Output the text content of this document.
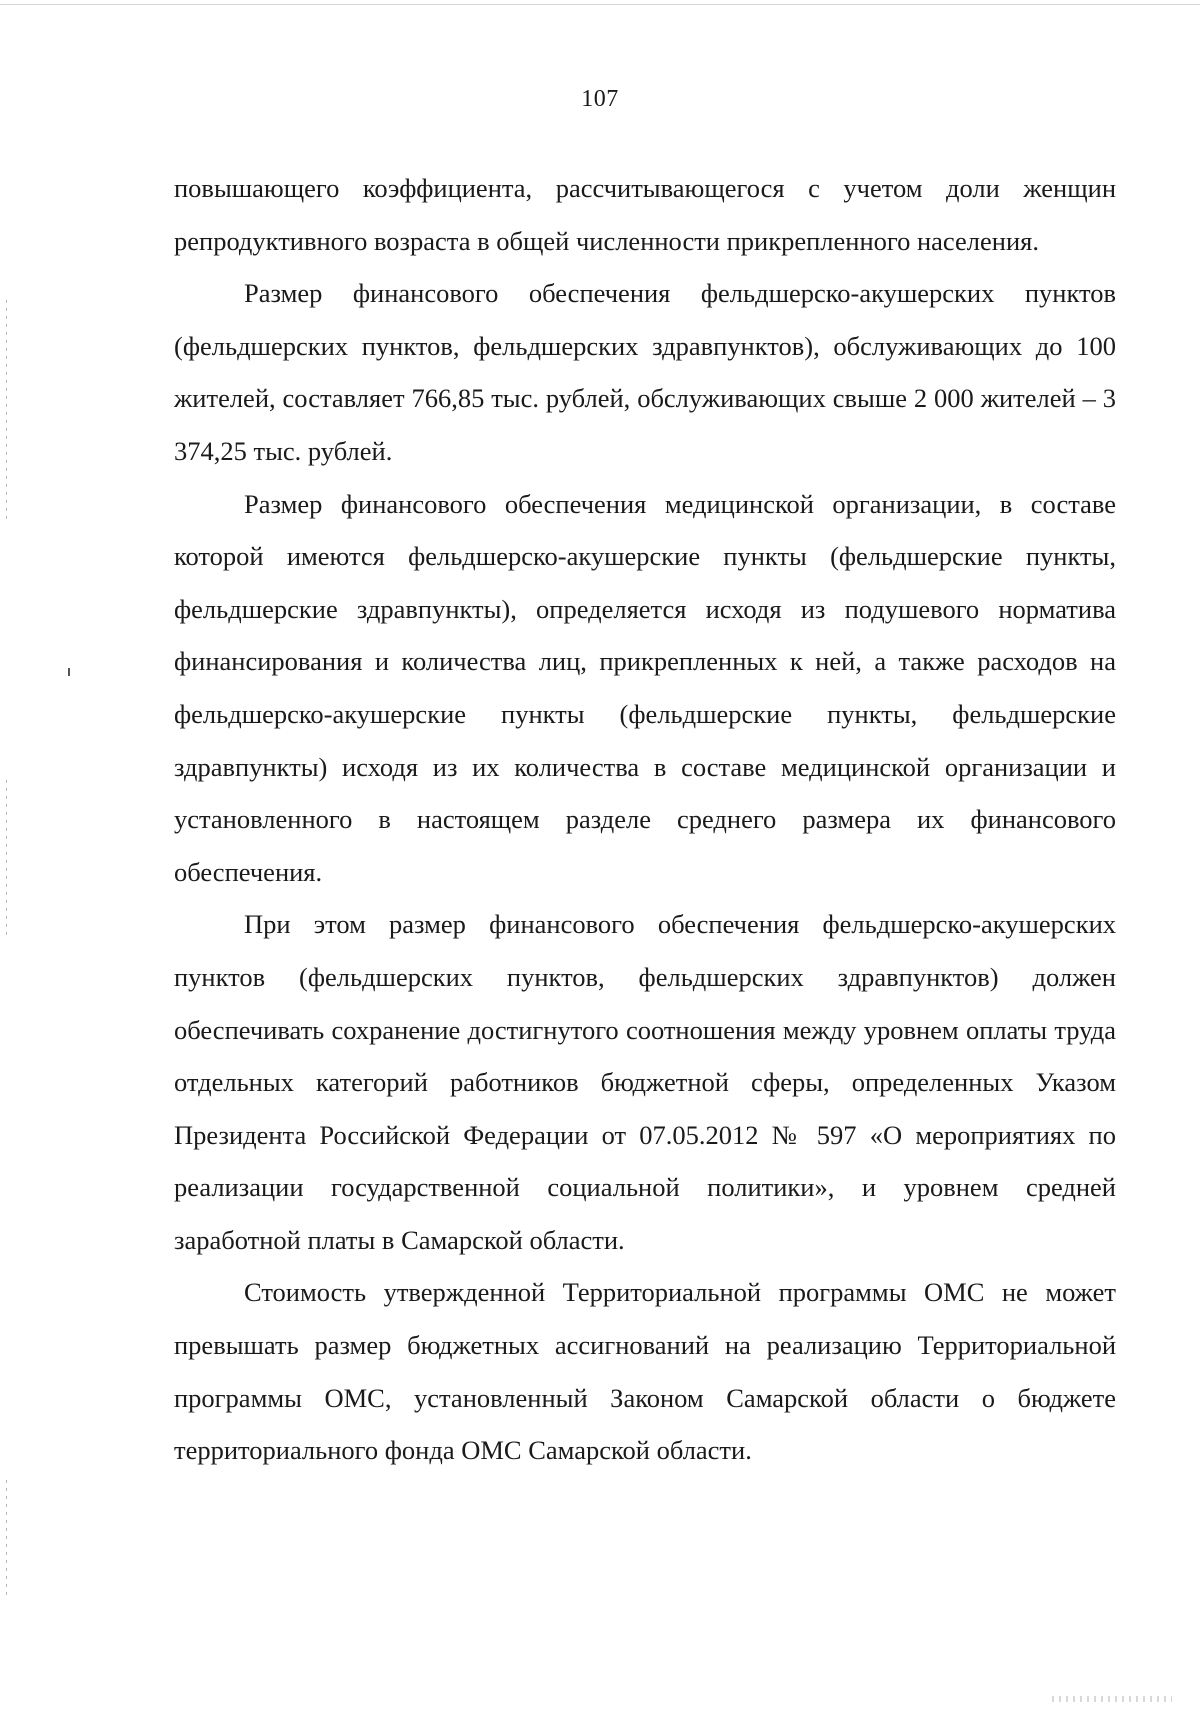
107

повышающего коэффициента, рассчитывающегося с учетом доли женщин репродуктивного возраста в общей численности прикрепленного населения.

Размер финансового обеспечения фельдшерско-акушерских пунктов (фельдшерских пунктов, фельдшерских здравпунктов), обслуживающих до 100 жителей, составляет 766,85 тыс. рублей, обслуживающих свыше 2 000 жителей – 3 374,25 тыс. рублей.

Размер финансового обеспечения медицинской организации, в составе которой имеются фельдшерско-акушерские пункты (фельдшерские пункты, фельдшерские здравпункты), определяется исходя из подушевого норматива финансирования и количества лиц, прикрепленных к ней, а также расходов на фельдшерско-акушерские пункты (фельдшерские пункты, фельдшерские здравпункты) исходя из их количества в составе медицинской организации и установленного в настоящем разделе среднего размера их финансового обеспечения.

При этом размер финансового обеспечения фельдшерско-акушерских пунктов (фельдшерских пунктов, фельдшерских здравпунктов) должен обеспечивать сохранение достигнутого соотношения между уровнем оплаты труда отдельных категорий работников бюджетной сферы, определенных Указом Президента Российской Федерации от 07.05.2012 № 597 «О мероприятиях по реализации государственной социальной политики», и уровнем средней заработной платы в Самарской области.

Стоимость утвержденной Территориальной программы ОМС не может превышать размер бюджетных ассигнований на реализацию Территориальной программы ОМС, установленный Законом Самарской области о бюджете территориального фонда ОМС Самарской области.
